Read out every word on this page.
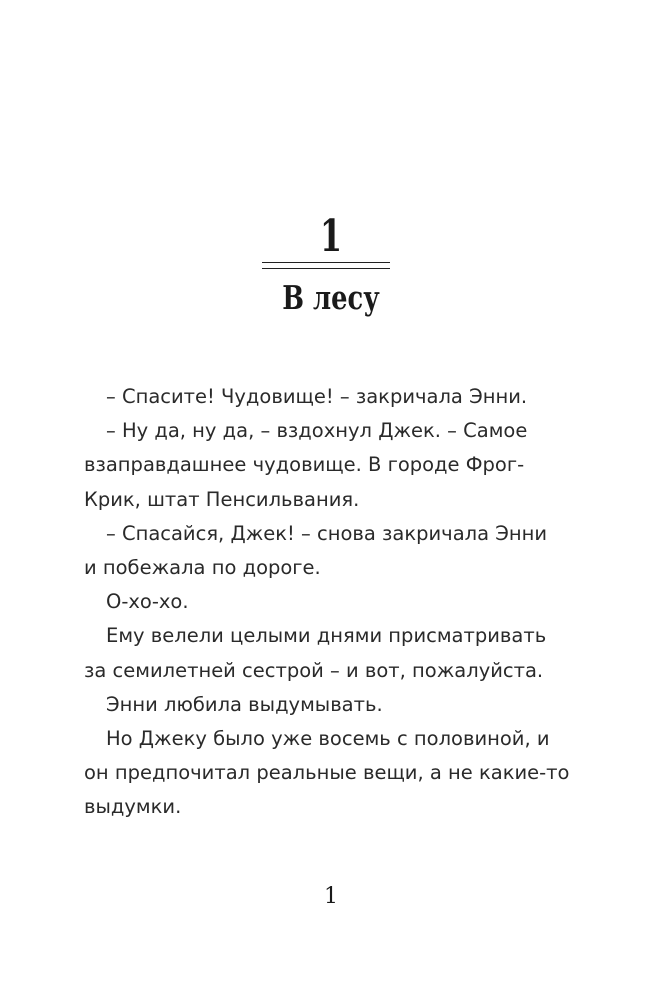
1
В лесу
– Спасите! Чудовище! – закричала Энни.
– Ну да, ну да, – вздохнул Джек. – Самое
взаправдашнее чудовище. В городе Фрог-
Крик, штат Пенсильвания.
– Спасайся, Джек! – снова закричала Энни
и побежала по дороге.
О-хо-хо.
Ему велели целыми днями присматривать
за семилетней сестрой – и вот, пожалуйста.
Энни любила выдумывать.
Но Джеку было уже восемь с половиной, и
он предпочитал реальные вещи, а не какие-то
выдумки.
1
